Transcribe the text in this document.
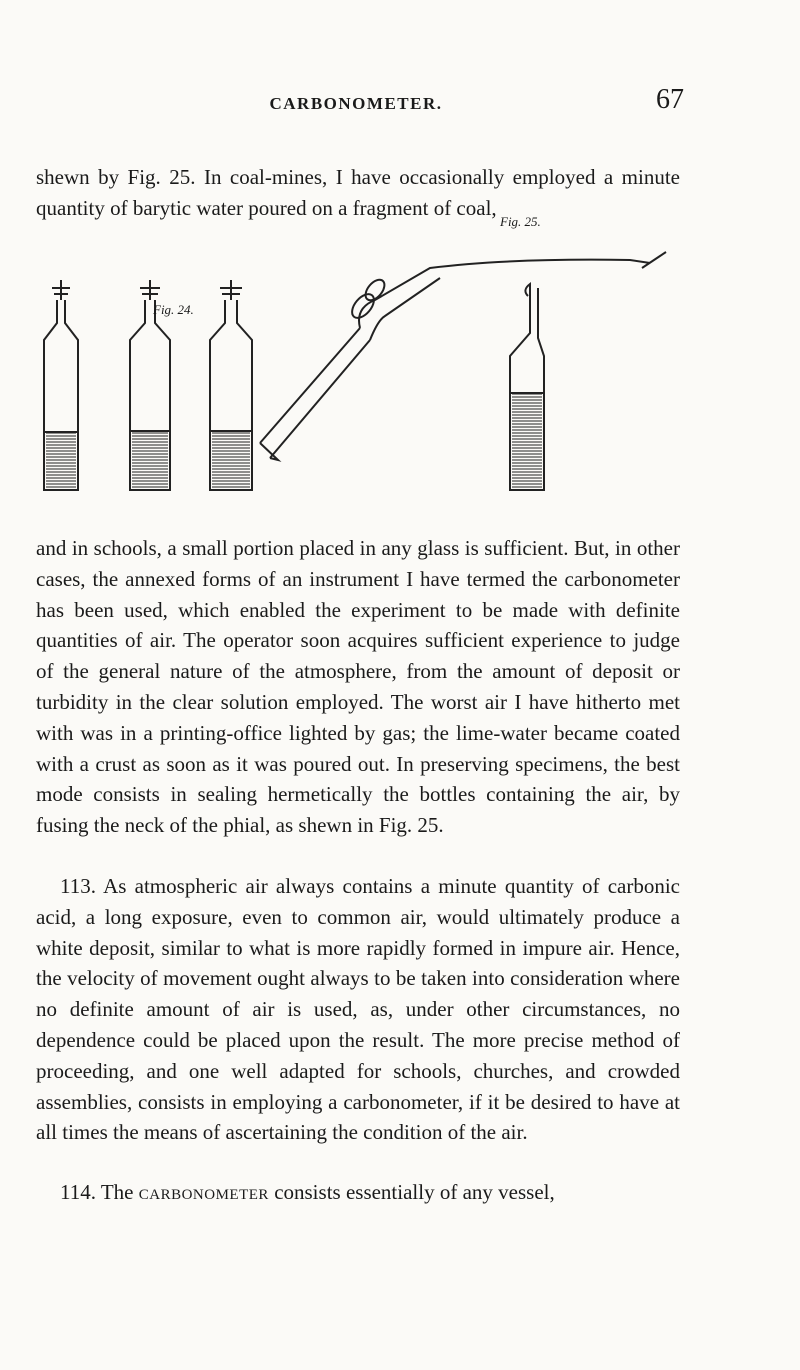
CARBONOMETER.	67

shewn by Fig. 25. In coal-mines, I have occasionally employed a minute quantity of barytic water poured on a fragment of coal,

Fig. 24.
Fig. 25.

and in schools, a small portion placed in any glass is sufficient. But, in other cases, the annexed forms of an instrument I have termed the carbonometer has been used, which enabled the experiment to be made with definite quantities of air. The operator soon acquires sufficient experience to judge of the general nature of the atmosphere, from the amount of deposit or turbidity in the clear solution employed. The worst air I have hitherto met with was in a printing-office lighted by gas; the lime-water became coated with a crust as soon as it was poured out. In preserving specimens, the best mode consists in sealing hermetically the bottles containing the air, by fusing the neck of the phial, as shewn in Fig. 25.

113. As atmospheric air always contains a minute quantity of carbonic acid, a long exposure, even to common air, would ultimately produce a white deposit, similar to what is more rapidly formed in impure air. Hence, the velocity of movement ought always to be taken into consideration where no definite amount of air is used, as, under other circumstances, no dependence could be placed upon the result. The more precise method of proceeding, and one well adapted for schools, churches, and crowded assemblies, consists in employing a carbonometer, if it be desired to have at all times the means of ascertaining the condition of the air.

114. The carbonometer consists essentially of any vessel,
